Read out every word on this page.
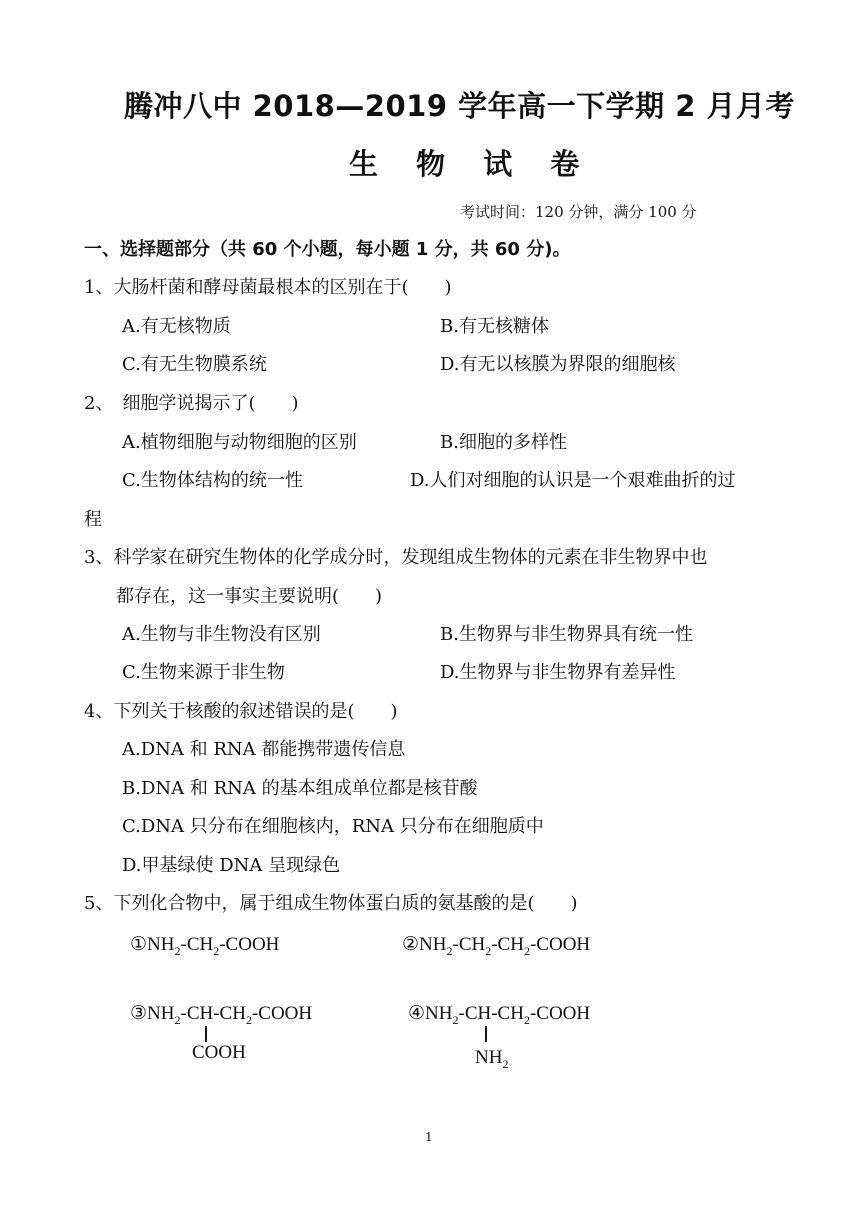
腾冲八中 2018—2019 学年高一下学期 2 月月考
生 物 试 卷
考试时间：120 分钟，满分 100 分
一、选择题部分（共 60 个小题，每小题 1 分，共 60 分)。
1、大肠杆菌和酵母菌最根本的区别在于(　　)
A.有无核物质	B.有无核糖体
C.有无生物膜系统	D.有无以核膜为界限的细胞核
2、　细胞学说揭示了(　　)
A.植物细胞与动物细胞的区别	B.细胞的多样性
C.生物体结构的统一性	D.人们对细胞的认识是一个艰难曲折的过
程
3、科学家在研究生物体的化学成分时，发现组成生物体的元素在非生物界中也
都存在，这一事实主要说明(　　)
A.生物与非生物没有区别	B.生物界与非生物界具有统一性
C.生物来源于非生物	D.生物界与非生物界有差异性
4、下列关于核酸的叙述错误的是(　　)
A.DNA 和 RNA 都能携带遗传信息
B.DNA 和 RNA 的基本组成单位都是核苷酸
C.DNA 只分布在细胞核内，RNA 只分布在细胞质中
D.甲基绿使 DNA 呈现绿色
5、下列化合物中，属于组成生物体蛋白质的氨基酸的是(　　)
$①NH_2-CH_2$-COOH	$②NH_2-CH_2-CH_2$-COOH
$③NH_2-CH-CH_2$-COOH
COOH
$④NH_2-CH-CH_2$-COOH
$NH_2$
1
